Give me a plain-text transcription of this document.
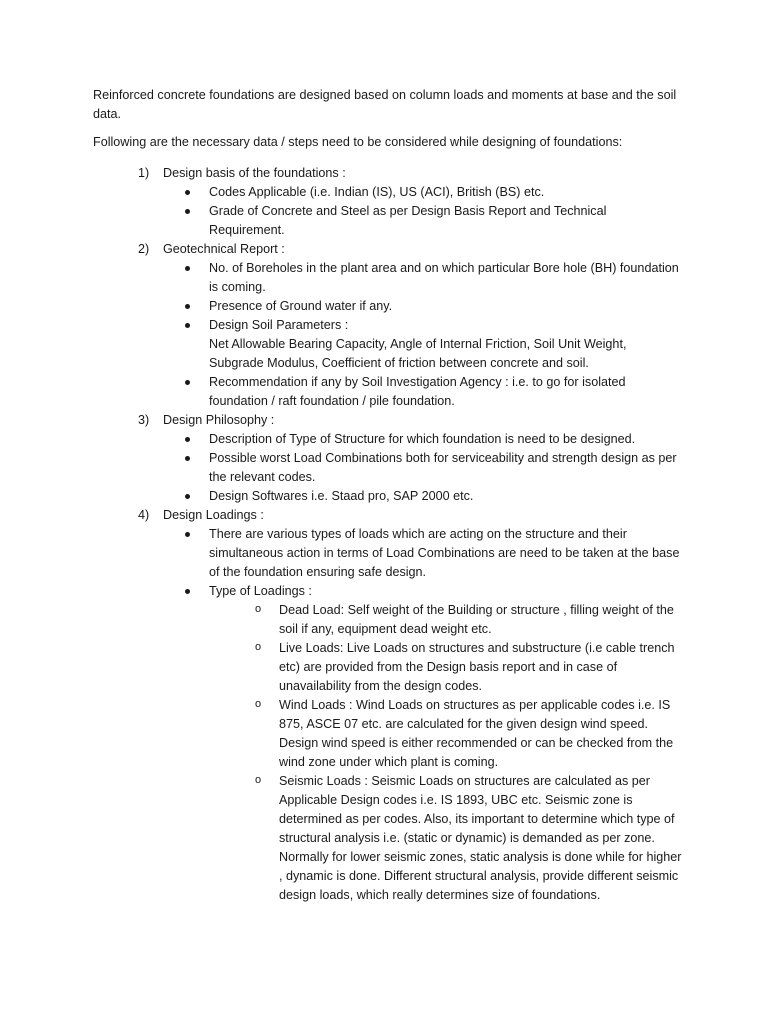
Reinforced concrete foundations are designed based on column loads and moments at base and the soil data.

Following are the necessary data / steps need to be considered while designing of foundations:

1) Design basis of the foundations :
Codes Applicable (i.e. Indian (IS), US (ACI), British (BS) etc.
Grade of Concrete and Steel as per Design Basis Report and Technical Requirement.
2) Geotechnical Report :
No. of Boreholes in the plant area and on which particular Bore hole (BH) foundation is coming.
Presence of Ground water if any.
Design Soil Parameters :
Net Allowable Bearing Capacity, Angle of Internal Friction, Soil Unit Weight, Subgrade Modulus, Coefficient of friction between concrete and soil.
Recommendation if any by Soil Investigation Agency : i.e. to go for isolated foundation / raft foundation / pile foundation.
3) Design Philosophy :
Description of Type of Structure for which foundation is need to be designed.
Possible worst Load Combinations both for serviceability and strength design as per the relevant codes.
Design Softwares i.e. Staad pro, SAP 2000 etc.
4) Design Loadings :
There are various types of loads which are acting on the structure and their simultaneous action in terms of Load Combinations are need to be taken at the base of the foundation ensuring safe design.
Type of Loadings :
o Dead Load: Self weight of the Building or structure , filling weight of the soil if any, equipment dead weight etc.
o Live Loads: Live Loads on structures and substructure (i.e cable trench etc) are provided from the Design basis report and in case of unavailability from the design codes.
o Wind Loads : Wind Loads on structures as per applicable codes i.e. IS 875, ASCE 07 etc. are calculated for the given design wind speed. Design wind speed is either recommended or can be checked from the wind zone under which plant is coming.
o Seismic Loads : Seismic Loads on structures are calculated as per Applicable Design codes i.e. IS 1893, UBC etc. Seismic zone is determined as per codes. Also, its important to determine which type of structural analysis i.e. (static or dynamic) is demanded as per zone. Normally for lower seismic zones, static analysis is done while for higher , dynamic is done. Different structural analysis, provide different seismic design loads, which really determines size of foundations.
